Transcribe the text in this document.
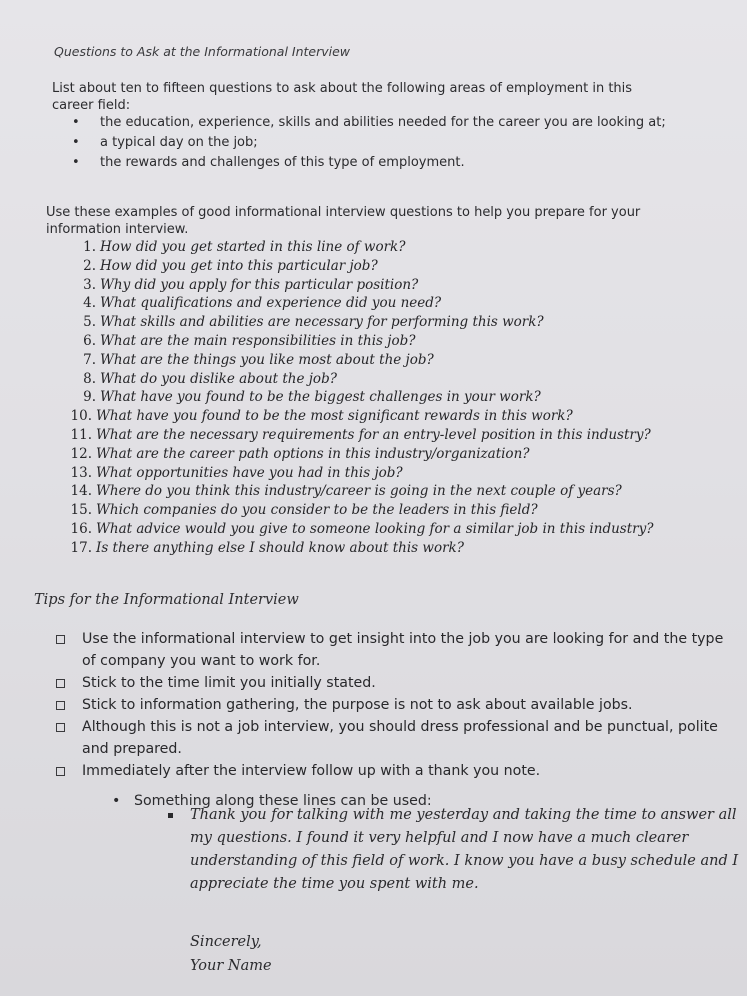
Questions to Ask at the Informational Interview

List about ten to fifteen questions to ask about the following areas of employment in this career field:

• the education, experience, skills and abilities needed for the career you are looking at;
• a typical day on the job;
• the rewards and challenges of this type of employment.

Use these examples of good informational interview questions to help you prepare for your information interview.

1. How did you get started in this line of work?
2. How did you get into this particular job?
3. Why did you apply for this particular position?
4. What qualifications and experience did you need?
5. What skills and abilities are necessary for performing this work?
6. What are the main responsibilities in this job?
7. What are the things you like most about the job?
8. What do you dislike about the job?
9. What have you found to be the biggest challenges in your work?
10. What have you found to be the most significant rewards in this work?
11. What are the necessary requirements for an entry-level position in this industry?
12. What are the career path options in this industry/organization?
13. What opportunities have you had in this job?
14. Where do you think this industry/career is going in the next couple of years?
15. Which companies do you consider to be the leaders in this field?
16. What advice would you give to someone looking for a similar job in this industry?
17. Is there anything else I should know about this work?
Tips for the Informational Interview
Use the informational interview to get insight into the job you are looking for and the type of company you want to work for.
Stick to the time limit you initially stated.
Stick to information gathering, the purpose is not to ask about available jobs.
Although this is not a job interview, you should dress professional and be punctual, polite and prepared.
Immediately after the interview follow up with a thank you note.

• Something along these lines can be used:

Thank you for talking with me yesterday and taking the time to answer all my questions. I found it very helpful and I now have a much clearer understanding of this field of work. I know you have a busy schedule and I appreciate the time you spent with me.
Sincerely,
Your Name
